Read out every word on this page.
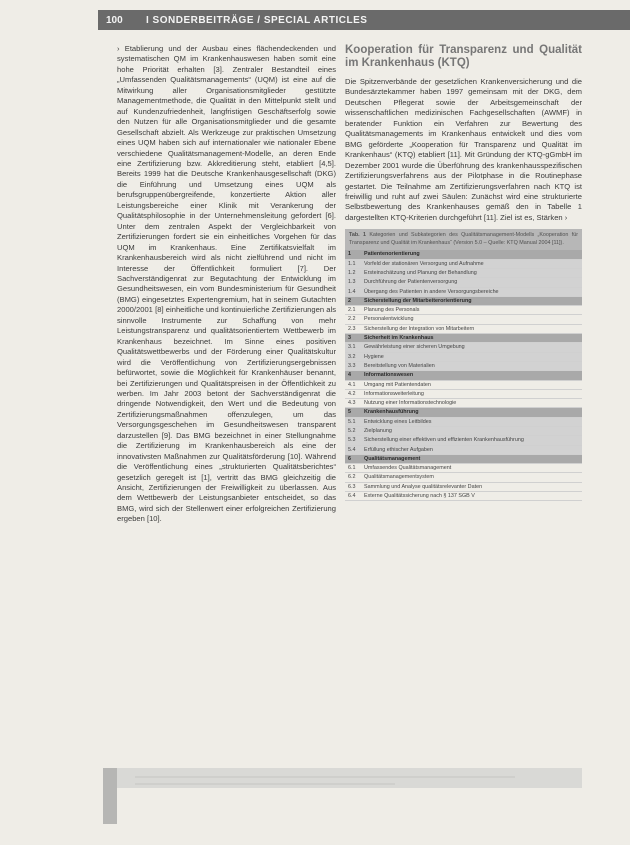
100	I SONDERBEITRÄGE / SPECIAL ARTICLES

› Etablierung und der Ausbau eines flächendeckenden und systematischen QM im Krankenhauswesen haben somit eine hohe Priorität erhalten [3]. Zentraler Bestandteil eines „Umfassenden Qualitätsmanagements“ (UQM) ist eine auf die Mitwirkung aller Organisationsmitglieder gestützte Managementmethode, die Qualität in den Mittelpunkt stellt und auf Kundenzufriedenheit, langfristigen Geschäftserfolg sowie den Nutzen für alle Organisationsmitglieder und die gesamte Gesellschaft abzielt. Als Werkzeuge zur praktischen Umsetzung eines UQM haben sich auf internationaler wie nationaler Ebene verschiedene Qualitätsmanagement-Modelle, an deren Ende eine Zertifizierung bzw. Akkreditierung steht, etabliert [4,5]. Bereits 1999 hat die Deutsche Krankenhausgesellschaft (DKG) die Einführung und Umsetzung eines UQM als berufsgruppenübergreifende, konzertierte Aktion aller Leistungsbereiche einer Klinik mit Verankerung der Qualitätsphilosophie in der Unternehmensleitung gefordert [6]. Unter dem zentralen Aspekt der Vergleichbarkeit von Zertifizierungen fordert sie ein einheitliches Vorgehen für das UQM im Krankenhaus. Eine Zertifikatsvielfalt im Krankenhausbereich wird als nicht zielführend und nicht im Interesse der Öffentlichkeit formuliert [7]. Der Sachverständigenrat zur Begutachtung der Entwicklung im Gesundheitswesen, ein vom Bundesministerium für Gesundheit (BMG) eingesetztes Expertengremium, hat in seinem Gutachten 2000/2001 [8] einheitliche und kontinuierliche Zertifizierungen als sinnvolle Instrumente zur Schaffung von mehr Leistungstransparenz und qualitätsorientiertem Wettbewerb im Krankenhaus bezeichnet. Im Sinne eines positiven Qualitätswettbewerbs und der Förderung einer Qualitätskultur wird die Veröffentlichung von Zertifizierungsergebnissen befürwortet, sowie die Möglichkeit für Krankenhäuser benannt, bei Zertifizierungen und Qualitätspreisen in der Öffentlichkeit zu werben. Im Jahr 2003 betont der Sachverständigenrat die dringende Notwendigkeit, den Wert und die Bedeutung von Zertifizierungsmaßnahmen offenzulegen, um das Versorgungsgeschehen im Gesundheitswesen transparent darzustellen [9]. Das BMG bezeichnet in einer Stellungnahme die Zertifizierung im Krankenhausbereich als eine der innovativsten Maßnahmen zur Qualitätsförderung [10]. Während die Veröffentlichung eines „strukturierten Qualitätsberichtes“ gesetzlich geregelt ist [1], vertritt das BMG gleichzeitig die Ansicht, Zertifizierungen der Freiwilligkeit zu überlassen. Aus dem Wettbewerb der Leistungsanbieter entscheidet, so das BMG, wird sich der Stellenwert einer erfolgreichen Zertifizierung ergeben [10].

Kooperation für Transparenz und Qualität im Krankenhaus (KTQ)

Die Spitzenverbände der gesetzlichen Krankenversicherung und die Bundesärztekammer haben 1997 gemeinsam mit der DKG, dem Deutschen Pflegerat sowie der Arbeitsgemeinschaft der wissenschaftlichen medizinischen Fachgesellschaften (AWMF) in beratender Funktion ein Verfahren zur Bewertung des Qualitätsmanagements im Krankenhaus entwickelt und dies vom BMG gefördertе „Kooperation für Transparenz und Qualität im Krankenhaus“ (KTQ) etabliert [11]. Mit Gründung der KTQ-gGmbH im Dezember 2001 wurde die Überführung des krankenhausspezifischen Zertifizierungsverfahrens aus der Pilotphase in die Routinephase gestartet. Die Teilnahme am Zertifizierungsverfahren nach KTQ ist freiwillig und ruht auf zwei Säulen: Zunächst wird eine strukturierte Selbstbewertung des Krankenhauses gemäß den in Tabelle 1 dargestellten KTQ-Kriterien durchgeführt [11]. Ziel ist es, Stärken ›

Tab. 1 Kategorien und Subkategorien des Qualitätsmanagement-Modells „Kooperation für Transparenz und Qualität im Krankenhaus“ (Version 5.0 – Quelle: KTQ Manual 2004 [11]).
1	Patientenorientierung
1.1	Vorfeld der stationären Versorgung und Aufnahme
1.2	Ersteinschätzung und Planung der Behandlung
1.3	Durchführung der Patientenversorgung
1.4	Übergang des Patienten in andere Versorgungsbereiche
2	Sicherstellung der Mitarbeiterorientierung
2.1	Planung des Personals
2.2	Personalentwicklung
2.3	Sicherstellung der Integration von Mitarbeitern
3	Sicherheit im Krankenhaus
3.1	Gewährleistung einer sicheren Umgebung
3.2	Hygiene
3.3	Bereitstellung von Materialien
4	Informationswesen
4.1	Umgang mit Patientendaten
4.2	Informationsweiterleitung
4.3	Nutzung einer Informationstechnologie
5	Krankenhausführung
5.1	Entwicklung eines Leitbildes
5.2	Zielplanung
5.3	Sicherstellung einer effektiven und effizienten Krankenhausführung
5.4	Erfüllung ethischer Aufgaben
6	Qualitätsmanagement
6.1	Umfassendes Qualitätsmanagement
6.2	Qualitätsmanagementsystem
6.3	Sammlung und Analyse qualitätsrelevanter Daten
6.4	Externe Qualitätssicherung nach § 137 SGB V
